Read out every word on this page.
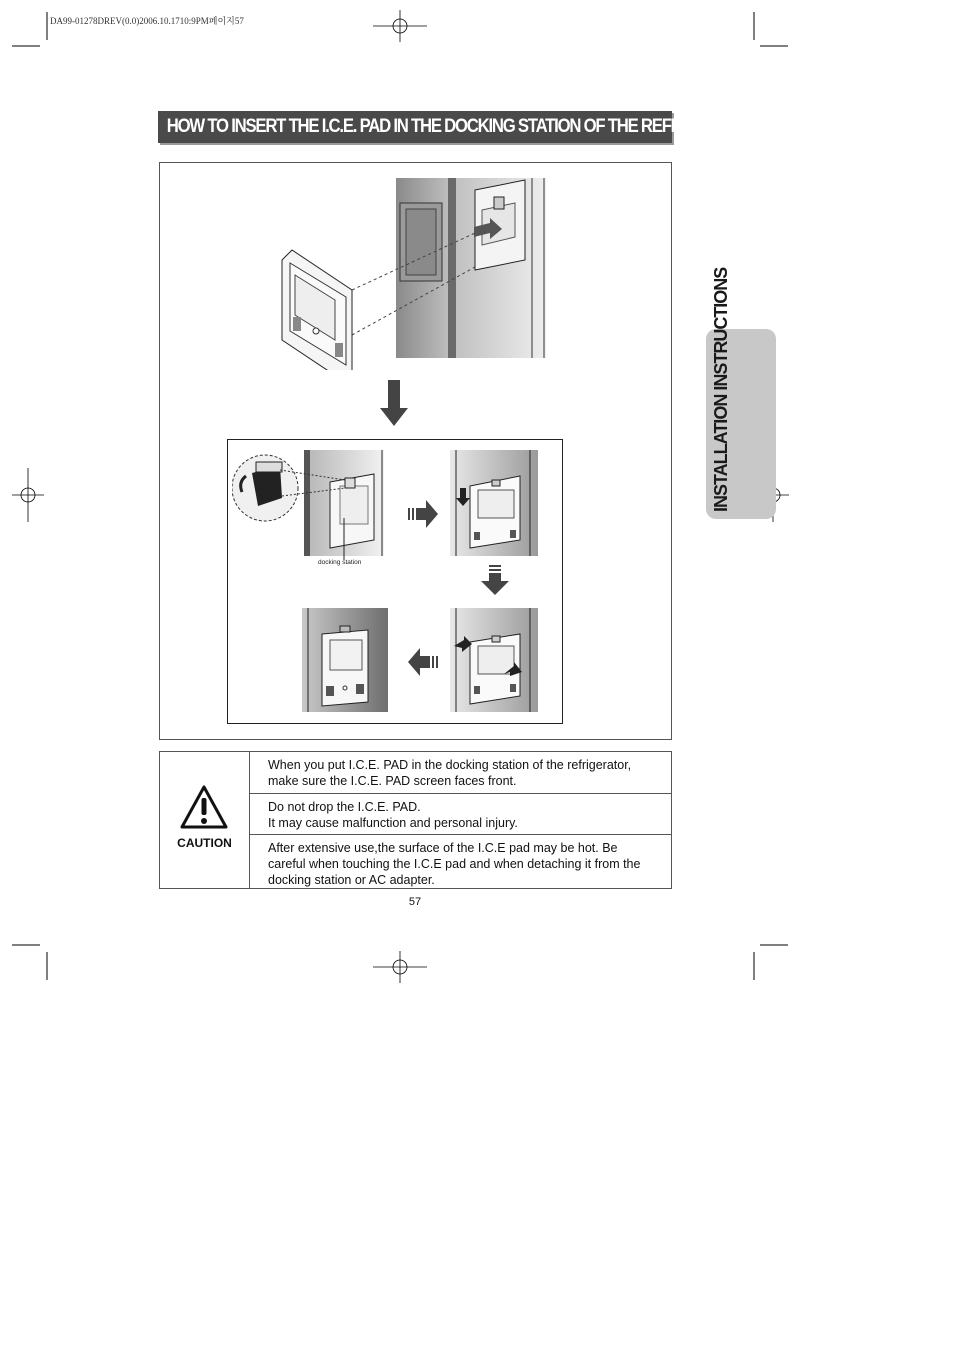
DA99-01278DREV(0.0)2006.10.1710:9PM페이지57
HOW TO INSERT THE I.C.E. PAD IN THE DOCKING STATION OF THE REFRIGERATOR
INSTALLATION INSTRUCTIONS
docking station
CAUTION
When you put I.C.E. PAD in the docking station of the refrigerator,
make sure the I.C.E. PAD screen faces front.
Do not drop the I.C.E. PAD.
It may cause malfunction and personal injury.
After extensive use,the surface of the I.C.E pad may be hot. Be
careful when touching the I.C.E pad and when detaching it from the
docking station or AC adapter.
57
